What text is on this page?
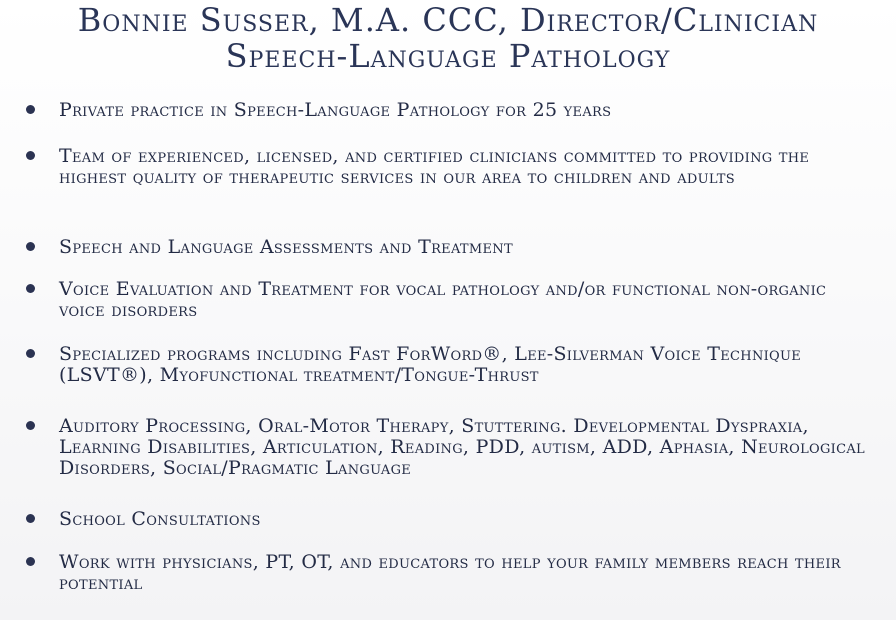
Bonnie Susser, M.A. CCC, Director/Clinician
Speech-Language Pathology
Private practice in Speech-Language Pathology for 25 years
Team of experienced, licensed, and certified clinicians committed to providing the highest quality of therapeutic services in our area to children and adults
Speech and Language Assessments and Treatment
Voice Evaluation and Treatment for vocal pathology and/or functional non-organic voice disorders
Specialized programs including Fast ForWord®, Lee-Silverman Voice Technique (LSVT®), Myofunctional treatment/Tongue-Thrust
Auditory Processing, Oral-Motor Therapy, Stuttering. Developmental Dyspraxia, Learning Disabilities, Articulation, Reading, PDD, autism, ADD, Aphasia, Neurological Disorders, Social/Pragmatic Language
School Consultations
Work with physicians, PT, OT, and educators to help your family members reach their potential
